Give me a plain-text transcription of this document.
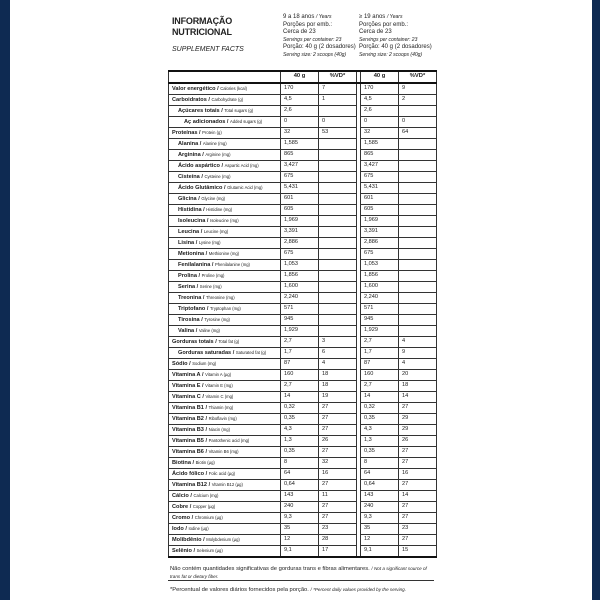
INFORMAÇÃO
NUTRICIONAL
SUPPLEMENT FACTS
9 a 18 anos / Years
Porções por emb.:
Cerca de 23
Servings per container: 23
Porção: 40 g (2 dosadores)
Serving size: 2 scoops (40g)
≥ 19 anos / Years
Porções por emb.:
Cerca de 23
Servings per container: 23
Porção: 40 g (2 dosadores)
Serving size: 2 scoops (40g)
	40 g	%VD*		40 g	%VD*
Valor energético / Calories (kcal)	170	7		170	9
Carboidratos / Carbohydrate (g)	4,5	1		4,5	2
Açúcares totais / Total sugars (g)	2,6			2,6	
Aç adicionados / Added sugars (g)	0	0		0	0
Proteínas / Protein (g)	32	53		32	64
Alanina / Alanine (mg)	1,585			1,585	
Arginina / Arginine (mg)	865			865	
Ácido aspártico / Aspartic Acid (mg)	3,427			3,427	
Cisteína / Cysteine (mg)	675			675	
Ácido Glutâmico / Glutamic Acid (mg)	5,431			5,431	
Glicina / Glycine (mg)	601			601	
Histidina / Histidine (mg)	605			605	
Isoleucina / Isoleucine (mg)	1,969			1,969	
Leucina / Leucine (mg)	3,391			3,391	
Lisina / Lysine (mg)	2,886			2,886	
Metionina / Methionine (mg)	675			675	
Fenilalanina / Phenilalanine (mg)	1,053			1,053	
Prolina / Proline (mg)	1,856			1,856	
Serina / Serine (mg)	1,600			1,600	
Treonina / Threonine (mg)	2,240			2,240	
Triptofano / Tryptophan (mg)	571			571	
Tirosina / Tyrosine (mg)	945			945	
Valina / Valine (mg)	1,929			1,929	
Gorduras totais / Total fat (g)	2,7	3		2,7	4
Gorduras saturadas / Saturated fat (g)	1,7	6		1,7	9
Sódio / Sodium (mg)	87	4		87	4
Vitamina A / Vitamin A (µg)	160	18		160	20
Vitamina E / Vitamin E (mg)	2,7	18		2,7	18
Vitamina C / Vitamin C (mg)	14	19		14	14
Vitamina B1 / Thiamin (mg)	0,32	27		0,32	27
Vitamina B2 / Riboflavin (mg)	0,35	27		0,35	29
Vitamina B3 / Niacin (mg)	4,3	27		4,3	29
Vitamina B5 / Pantothenic acid (mg)	1,3	26		1,3	26
Vitamina B6 / Vitamin B6 (mg)	0,35	27		0,35	27
Biotina / Biotin (µg)	8	32		8	27
Ácido fólico / Folic acid (µg)	64	16		64	16
Vitamina B12 / Vitamin B12 (µg)	0,64	27		0,64	27
Cálcio / Calcium (mg)	143	11		143	14
Cobre / Copper (µg)	240	27		240	27
Cromo / Chromium (µg)	9,3	27		9,3	27
Iodo / Iodine (µg)	35	23		35	23
Molibdênio / Molybdenium (µg)	12	28		12	27
Selênio / Selenium (µg)	9,1	17		9,1	15
Não contém quantidades significativas de gorduras trans e fibras alimentares. / Not a significant source of trans fat or dietary fiber.
*Percentual de valores diários fornecidos pela porção. / *Percent daily values provided by the serving.
